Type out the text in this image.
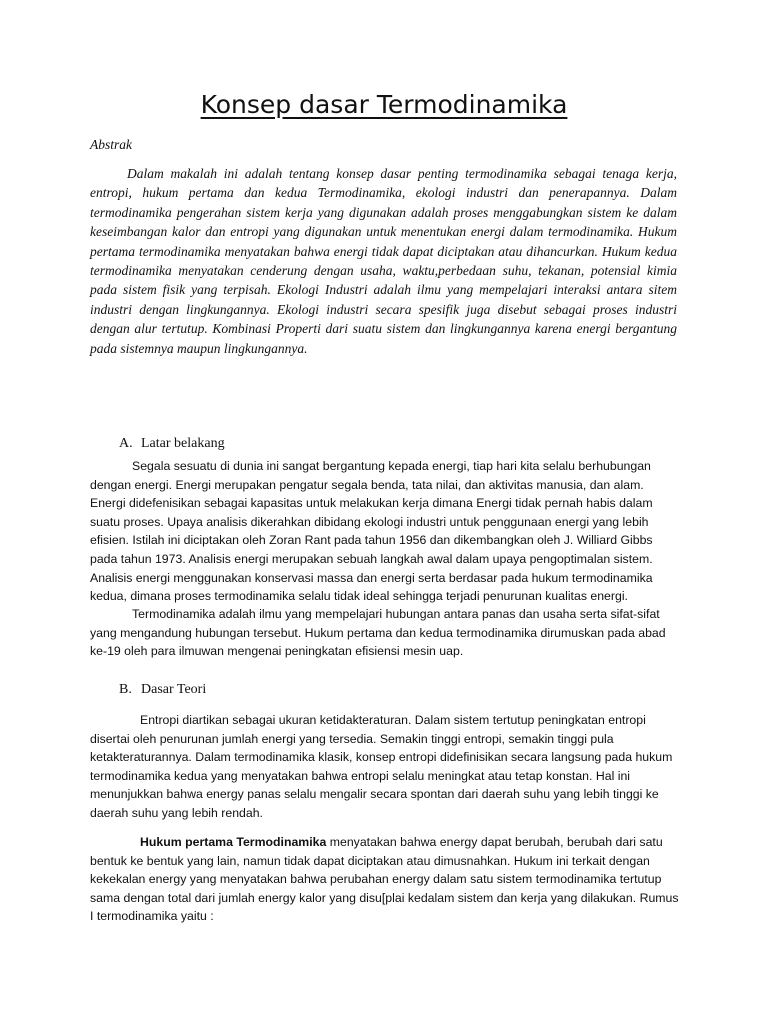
Konsep dasar Termodinamika
Abstrak

Dalam makalah ini adalah tentang konsep dasar penting termodinamika sebagai tenaga kerja, entropi, hukum pertama dan kedua Termodinamika, ekologi industri dan penerapannya. Dalam termodinamika pengerahan sistem kerja yang digunakan adalah proses menggabungkan sistem ke dalam keseimbangan kalor dan entropi yang digunakan untuk menentukan energi dalam termodinamika. Hukum pertama termodinamika menyatakan bahwa energi tidak dapat diciptakan atau dihancurkan. Hukum kedua termodinamika menyatakan cenderung dengan usaha, waktu,perbedaan suhu, tekanan, potensial kimia pada sistem fisik yang terpisah. Ekologi Industri adalah ilmu yang mempelajari interaksi antara sitem industri dengan lingkungannya. Ekologi industri secara spesifik juga disebut sebagai proses industri dengan alur tertutup. Kombinasi Properti dari suatu sistem dan lingkungannya karena energi bergantung pada sistemnya maupun lingkungannya.

A. Latar belakang

Segala sesuatu di dunia ini sangat bergantung kepada energi, tiap hari kita selalu berhubungan dengan energi. Energi merupakan pengatur segala benda, tata nilai, dan aktivitas manusia, dan alam. Energi didefenisikan sebagai kapasitas untuk melakukan kerja dimana Energi tidak pernah habis dalam suatu proses. Upaya analisis dikerahkan dibidang ekologi industri untuk penggunaan energi yang lebih efisien. Istilah ini diciptakan oleh Zoran Rant pada tahun 1956 dan dikembangkan oleh J. Williard Gibbs pada tahun 1973. Analisis energi merupakan sebuah langkah awal dalam upaya pengoptimalan sistem. Analisis energi menggunakan konservasi massa dan energi serta berdasar pada hukum termodinamika kedua, dimana proses termodinamika selalu tidak ideal sehingga terjadi penurunan kualitas energi.

Termodinamika adalah ilmu yang mempelajari hubungan antara panas dan usaha serta sifat-sifat yang mengandung hubungan tersebut. Hukum pertama dan kedua termodinamika dirumuskan pada abad ke-19 oleh para ilmuwan mengenai peningkatan efisiensi mesin uap.

B. Dasar Teori

Entropi diartikan sebagai ukuran ketidakteraturan. Dalam sistem tertutup peningkatan entropi disertai oleh penurunan jumlah energi yang tersedia. Semakin tinggi entropi, semakin tinggi pula ketakteraturannya. Dalam termodinamika klasik, konsep entropi didefinisikan secara langsung pada hukum termodinamika kedua yang menyatakan bahwa entropi selalu meningkat atau tetap konstan. Hal ini menunjukkan bahwa energy panas selalu mengalir secara spontan dari daerah suhu yang lebih tinggi ke daerah suhu yang lebih rendah.

Hukum pertama Termodinamika menyatakan bahwa energy dapat berubah, berubah dari satu bentuk ke bentuk yang lain, namun tidak dapat diciptakan atau dimusnahkan. Hukum ini terkait dengan kekekalan energy yang menyatakan bahwa perubahan energy dalam satu sistem termodinamika tertutup sama dengan total dari jumlah energy kalor yang disu[plai kedalam sistem dan kerja yang dilakukan. Rumus I termodinamika yaitu :
